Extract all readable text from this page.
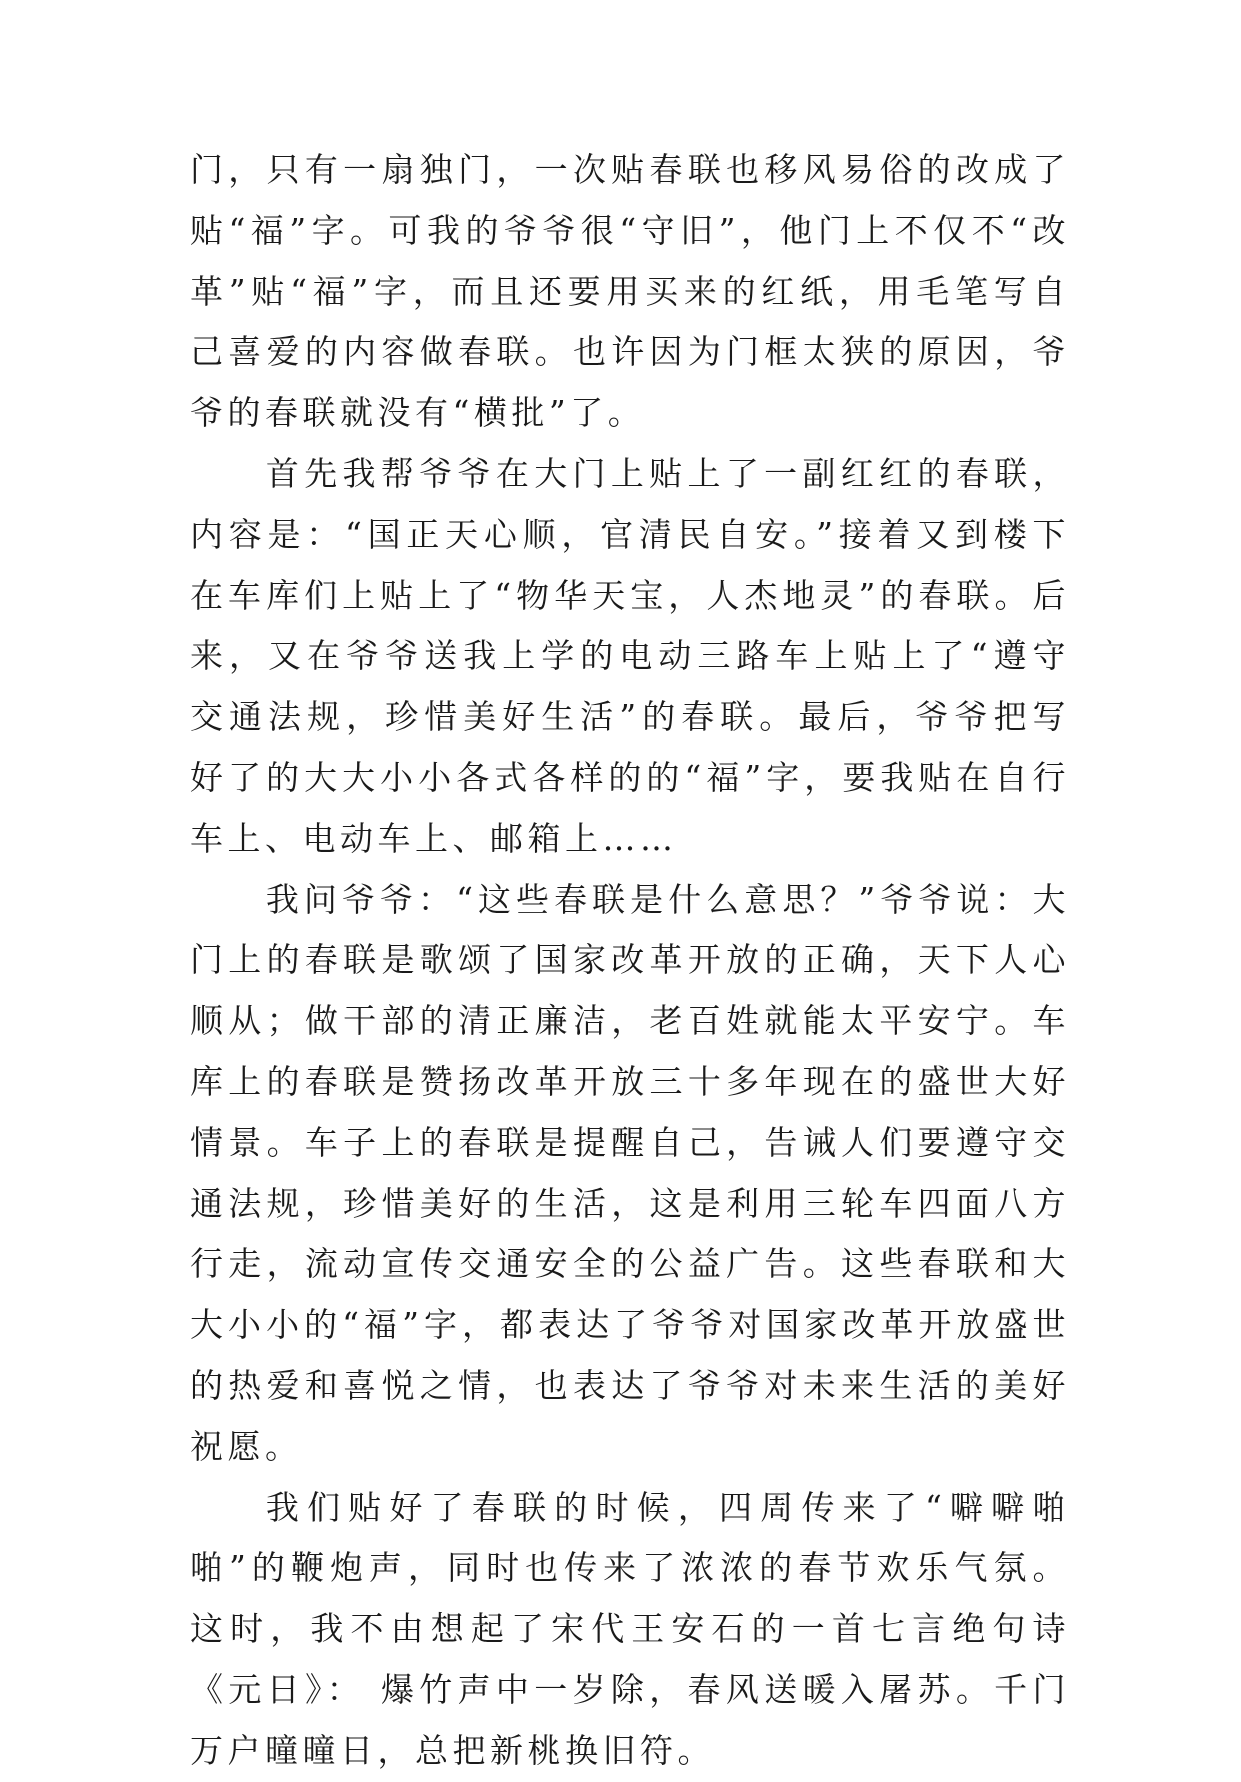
门，只有一扇独门，一次贴春联也移风易俗的改成了贴“福”字。可我的爷爷很“守旧”，他门上不仅不“改革”贴“福”字，而且还要用买来的红纸，用毛笔写自己喜爱的内容做春联。也许因为门框太狭的原因，爷爷的春联就没有“横批”了。

首先我帮爷爷在大门上贴上了一副红红的春联，内容是：“国正天心顺，官清民自安。”接着又到楼下在车库们上贴上了“物华天宝，人杰地灵”的春联。后来，又在爷爷送我上学的电动三路车上贴上了“遵守交通法规，珍惜美好生活”的春联。最后，爷爷把写好了的大大小小各式各样的的“福”字，要我贴在自行车上、电动车上、邮箱上……

我问爷爷：“这些春联是什么意思？”爷爷说：大门上的春联是歌颂了国家改革开放的正确，天下人心顺从；做干部的清正廉洁，老百姓就能太平安宁。车库上的春联是赞扬改革开放三十多年现在的盛世大好情景。车子上的春联是提醒自己，告诫人们要遵守交通法规，珍惜美好的生活，这是利用三轮车四面八方行走，流动宣传交通安全的公益广告。这些春联和大大小小的“福”字，都表达了爷爷对国家改革开放盛世的热爱和喜悦之情，也表达了爷爷对未来生活的美好祝愿。

我们贴好了春联的时候，四周传来了“噼噼啪啪”的鞭炮声，同时也传来了浓浓的春节欢乐气氛。这时，我不由想起了宋代王安石的一首七言绝句诗《元日》： 爆竹声中一岁除，春风送暖入屠苏。千门万户曈曈日，总把新桃换旧符。
